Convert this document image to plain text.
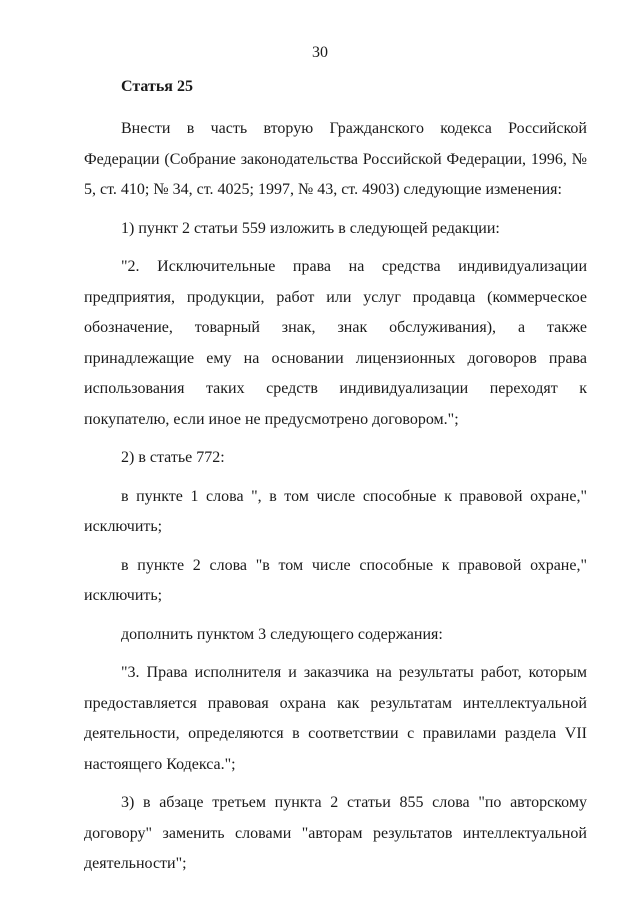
30

Статья 25

Внести в часть вторую Гражданского кодекса Российской Федерации (Собрание законодательства Российской Федерации, 1996, № 5, ст. 410; № 34, ст. 4025; 1997, № 43, ст. 4903) следующие изменения:

1) пункт 2 статьи 559 изложить в следующей редакции:

"2. Исключительные права на средства индивидуализации предприятия, продукции, работ или услуг продавца (коммерческое обозначение, товарный знак, знак обслуживания), а также принадлежащие ему на основании лицензионных договоров права использования таких средств индивидуализации переходят к покупателю, если иное не предусмотрено договором.";

2) в статье 772:

в пункте 1 слова ", в том числе способные к правовой охране," исключить;

в пункте 2 слова "в том числе способные к правовой охране," исключить;

дополнить пунктом 3 следующего содержания:

"3. Права исполнителя и заказчика на результаты работ, которым предоставляется правовая охрана как результатам интеллектуальной деятельности, определяются в соответствии с правилами раздела VII настоящего Кодекса.";

3) в абзаце третьем пункта 2 статьи 855 слова "по авторскому договору" заменить словами "авторам результатов интеллектуальной деятельности";
